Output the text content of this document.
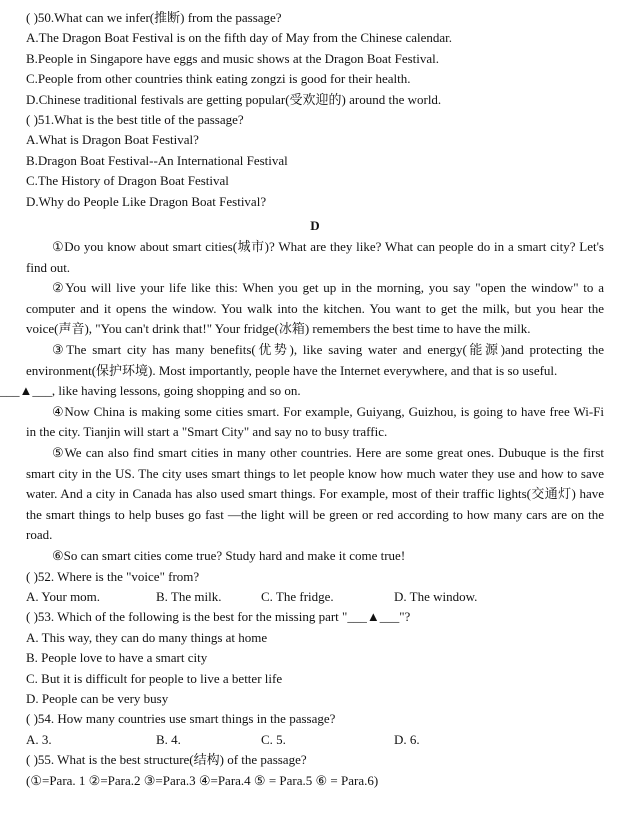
( )50.What can we infer(推断) from the passage?
A.The Dragon Boat Festival is on the fifth day of May from the Chinese calendar.
B.People in Singapore have eggs and music shows at the Dragon Boat Festival.
C.People from other countries think eating zongzi is good for their health.
D.Chinese traditional festivals are getting popular(受欢迎的) around the world.
( )51.What is the best title of the passage?
A.What is Dragon Boat Festival?
B.Dragon Boat Festival--An International Festival
C.The History of Dragon Boat Festival
D.Why do People Like Dragon Boat Festival?
D
①Do you know about smart cities(城市)? What are they like? What can people do in a smart city? Let's find out.
②You will live your life like this: When you get up in the morning, you say "open the window" to a computer and it opens the window. You walk into the kitchen. You want to get the milk, but you hear the voice(声音), "You can't drink that!" Your fridge(冰箱) remembers the best time to have the milk.
③The smart city has many benefits(优势), like saving water and energy(能源)and protecting the environment(保护环境). Most importantly, people have the Internet everywhere, and that is so useful.
___▲___, like having lessons, going shopping and so on.
④Now China is making some cities smart. For example, Guiyang, Guizhou, is going to have free Wi-Fi in the city. Tianjin will start a "Smart City" and say no to busy traffic.
⑤We can also find smart cities in many other countries. Here are some great ones. Dubuque is the first smart city in the US. The city uses smart things to let people know how much water they use and how to save water. And a city in Canada has also used smart things. For example, most of their traffic lights(交通灯) have the smart things to help buses go fast —the light will be green or red according to how many cars are on the road.
⑥So can smart cities come true? Study hard and make it come true!
( )52. Where is the "voice" from?
A. Your mom.	B. The milk.	C. The fridge.	D. The window.
( )53. Which of the following is the best for the missing part "___▲___"?
A. This way, they can do many things at home
B. People love to have a smart city
C. But it is difficult for people to live a better life
D. People can be very busy
( )54. How many countries use smart things in the passage?
A. 3.	B. 4.	C. 5.	D. 6.
( )55. What is the best structure(结构) of the passage?
(①=Para. 1 ②=Para.2 ③=Para.3 ④=Para.4 ⑤ = Para.5 ⑥ = Para.6)
